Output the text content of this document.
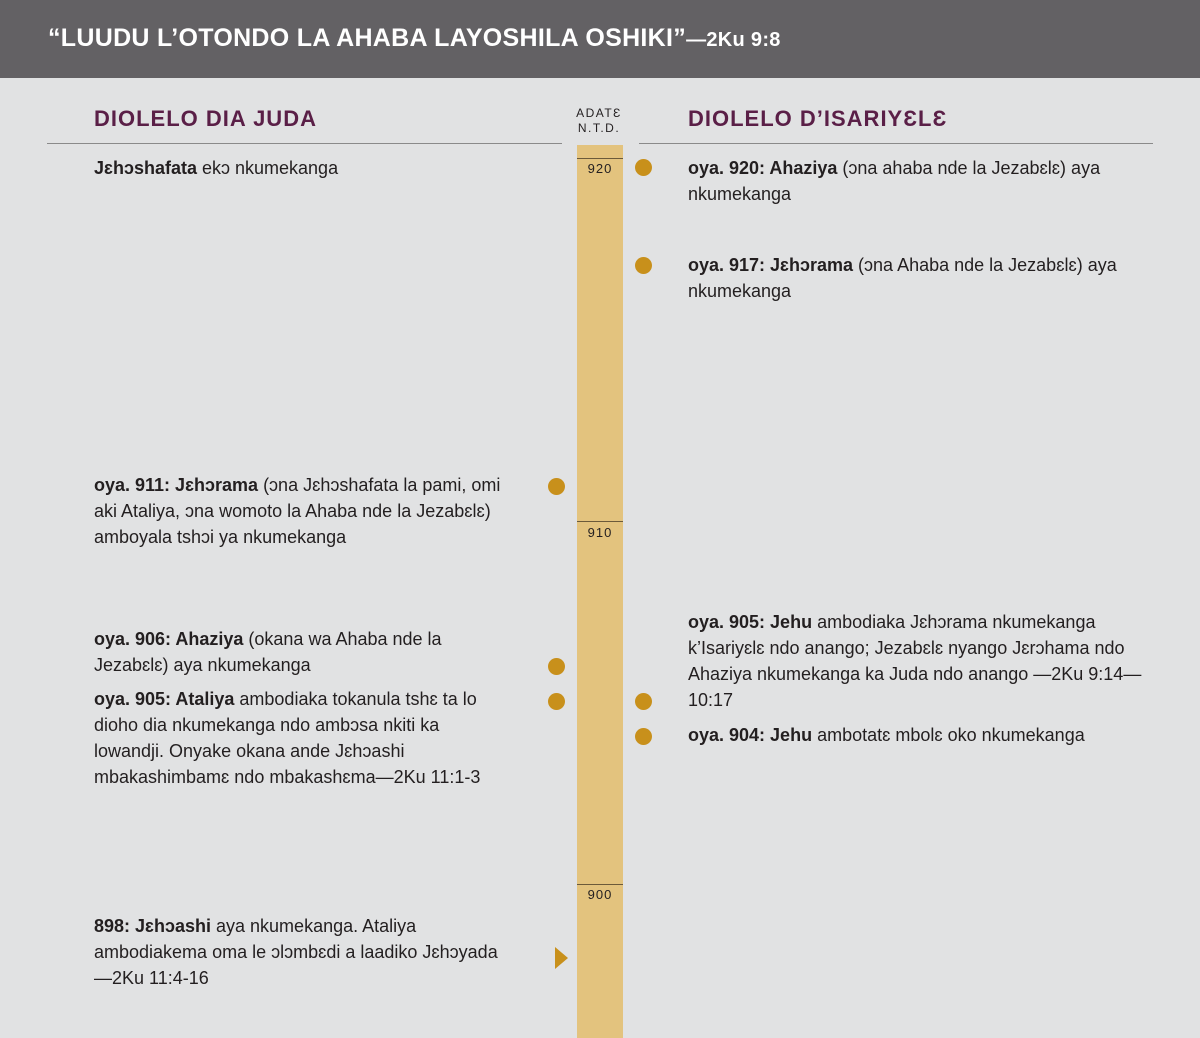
“LUUDU L’OTONDO LA AHABA LAYOSHILA OSHIKI”—2Ku 9:8
DIOLELO DIA JUDA	DIOLELO D’ISARIYƐLƐ
ADATƐ
N.T.D.
920
910
900
Jɛhɔshafata ekɔ nkumekanga
oya. 911: Jɛhɔrama (ɔna Jɛhɔshafata la pami, omi aki Ataliya, ɔna womoto la Ahaba nde la Jezabɛlɛ) amboyala tshɔi ya nkumekanga
oya. 906: Ahaziya (okana wa Ahaba nde la Jezabɛlɛ) aya nkumekanga
oya. 905: Ataliya ambodiaka tokanula tshɛ ta lo dioho dia nkumekanga ndo ambɔsa nkiti ka lowandji. Onyake okana ande Jɛhɔashi mbakashimbamɛ ndo mbakashɛma—2Ku 11:1-3
898: Jɛhɔashi aya nkumekanga. Ataliya ambodiakema oma le ɔlɔmbɛdi a laadiko Jɛhɔyada —2Ku 11:4-16
oya. 920: Ahaziya (ɔna ahaba nde la Jezabɛlɛ) aya nkumekanga
oya. 917: Jɛhɔrama (ɔna Ahaba nde la Jezabɛlɛ) aya nkumekanga
oya. 905: Jehu ambodiaka Jɛhɔrama nkumekanga k’Isariyɛlɛ ndo anango; Jezabɛlɛ nyango Jɛrɔhama ndo Ahaziya nkumekanga ka Juda ndo anango —2Ku 9:14—10:17
oya. 904: Jehu ambotatɛ mbolɛ oko nkumekanga
